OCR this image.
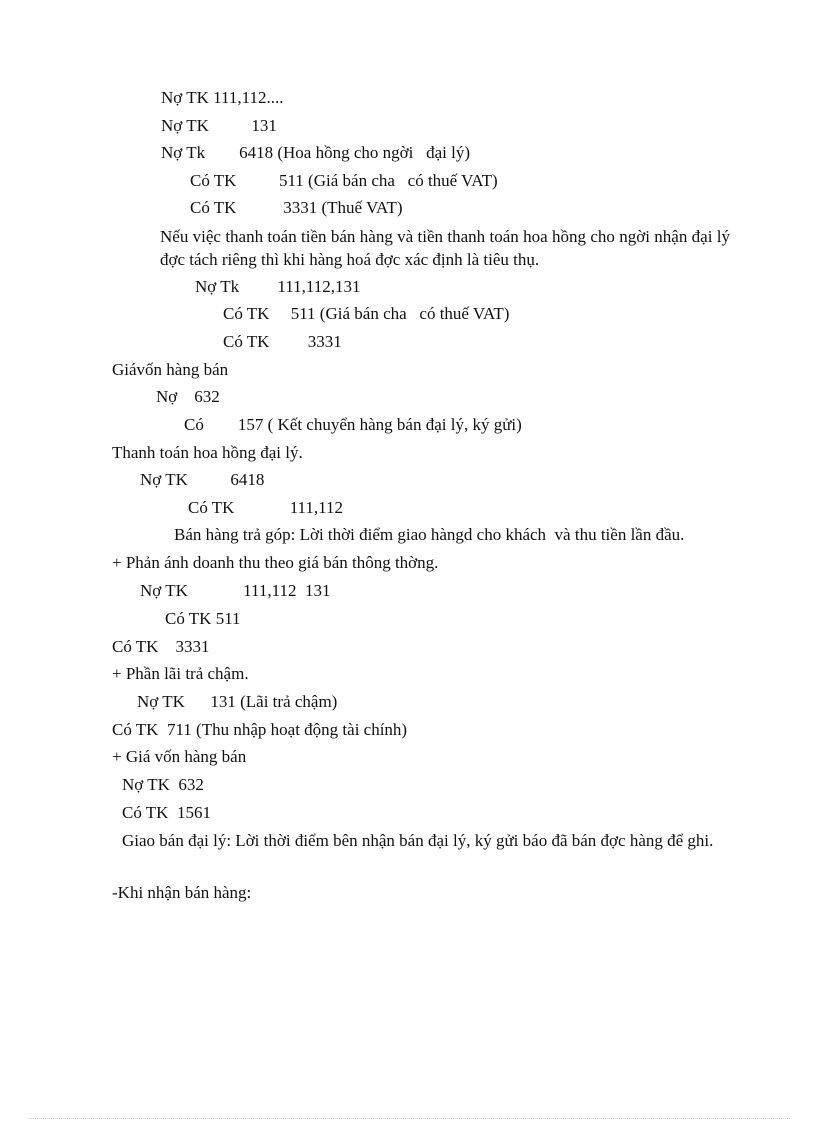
Nợ TK 111,112....

Nợ TK          131

Nợ Tk        6418 (Hoa hồng cho ngời   đại lý)

Có TK          511 (Giá bán cha   có thuế VAT)

Có TK           3331 (Thuế VAT)

Nếu việc thanh toán tiền bán hàng và tiền thanh toán hoa hồng cho ngời nhận đại lý đợc tách riêng thì khi hàng hoá đợc xác định là tiêu thụ.

Nợ Tk         111,112,131

Có TK     511 (Giá bán cha   có thuế VAT)

Có TK         3331

Giávốn hàng bán

Nợ    632

Có        157 ( Kết chuyển hàng bán đại lý, ký gửi)

Thanh toán hoa hồng đại lý.

Nợ TK          6418

Có TK             111,112

Bán hàng trả góp: Lời thời điểm giao hàngd cho khách  và thu tiền lần đầu.

+ Phản ánh doanh thu theo giá bán thông thờng.

Nợ TK             111,112  131

Có TK 511

Có TK    3331

+ Phần lãi trả chậm.

Nợ TK      131 (Lãi trả chậm)

Có TK  711 (Thu nhập hoạt động tài chính)

+ Giá vốn hàng bán

Nợ TK  632

Có TK  1561

Giao bán đại lý: Lời thời điểm bên nhận bán đại lý, ký gửi báo đã bán đợc hàng để ghi.

-Khi nhận bán hàng:
